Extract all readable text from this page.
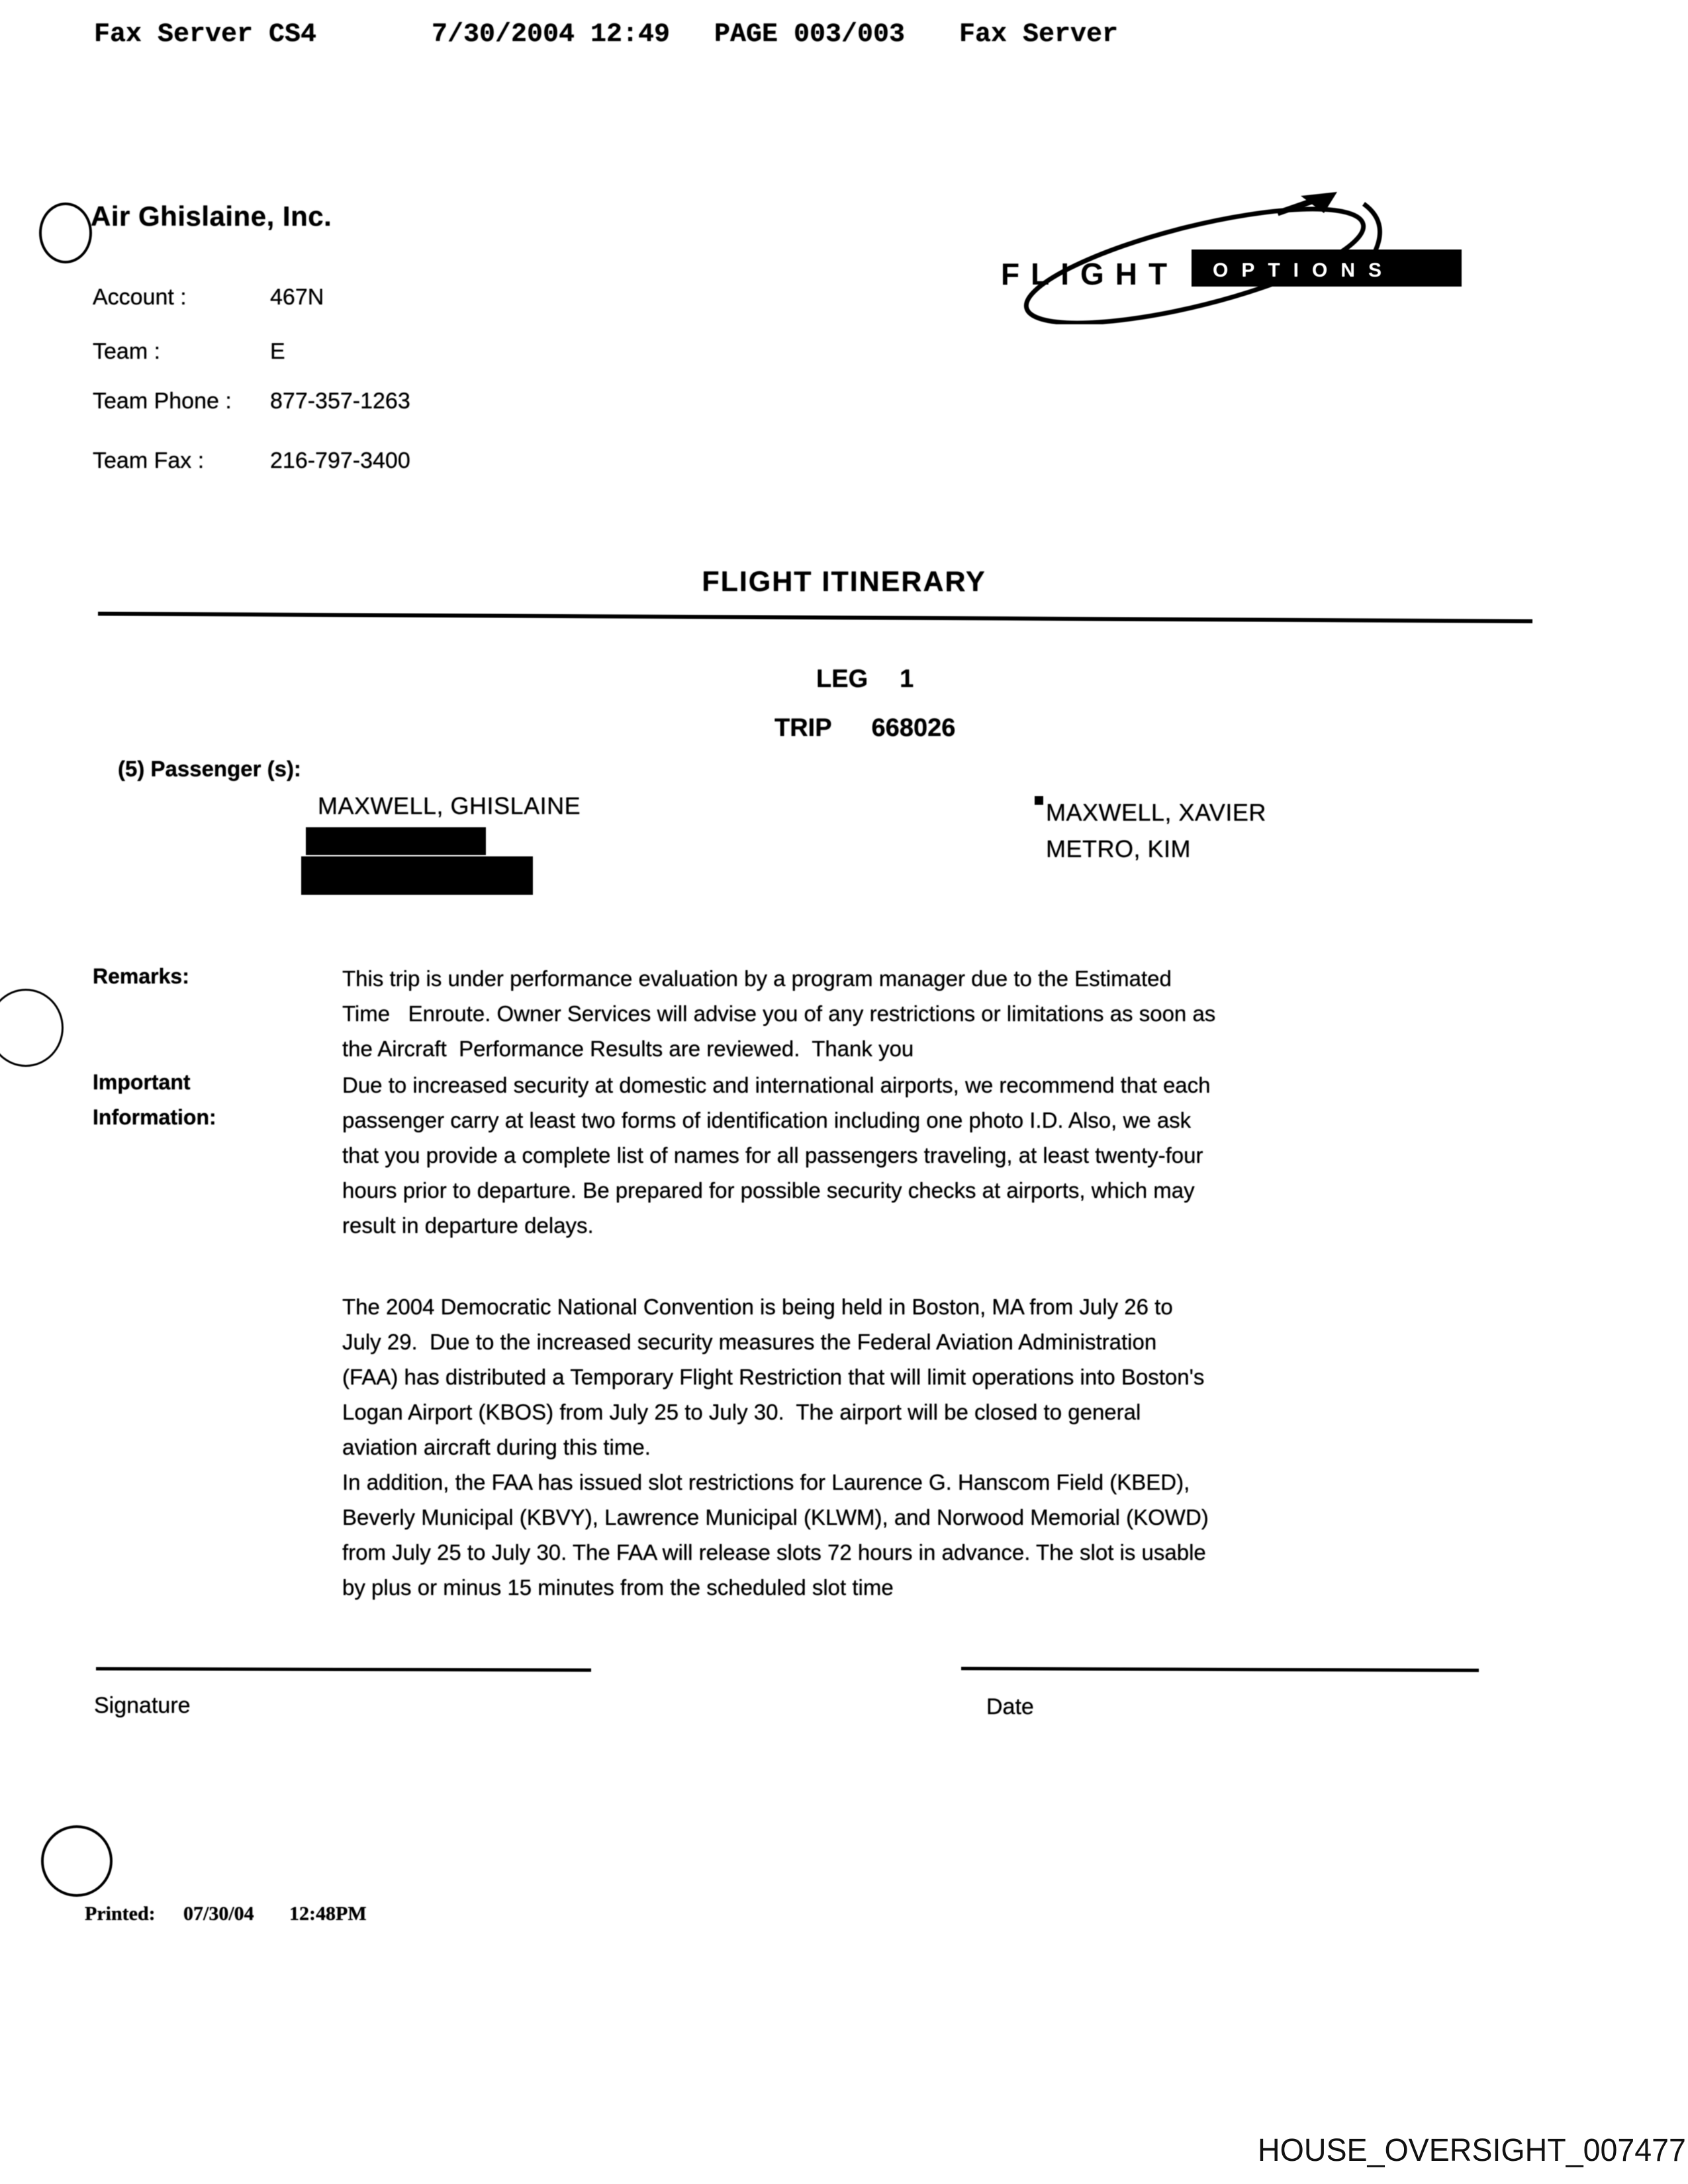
Fax Server CS4	7/30/2004 12:49 PAGE 003/003 Fax Server
Air Ghislaine, Inc.
FLIGHT OPTIONS
Account :	467N
Team :	E
Team Phone : 877-357-1263
Team Fax :	216-797-3400
FLIGHT ITINERARY

LEG 1

TRIP 668026

(5) Passenger (s):
MAXWELL, GHISLAINE	MAXWELL, XAVIER
METRO, KIM
Remarks:	This trip is under performance evaluation by a program manager due to the Estimated
Time   Enroute. Owner Services will advise you of any restrictions or limitations as soon as
the Aircraft  Performance Results are reviewed.  Thank you
Important
Information:
Due to increased security at domestic and international airports, we recommend that each
passenger carry at least two forms of identification including one photo I.D. Also, we ask
that you provide a complete list of names for all passengers traveling, at least twenty-four
hours prior to departure. Be prepared for possible security checks at airports, which may
result in departure delays.
The 2004 Democratic National Convention is being held in Boston, MA from July 26 to
July 29.  Due to the increased security measures the Federal Aviation Administration
(FAA) has distributed a Temporary Flight Restriction that will limit operations into Boston's
Logan Airport (KBOS) from July 25 to July 30.  The airport will be closed to general
aviation aircraft during this time.
In addition, the FAA has issued slot restrictions for Laurence G. Hanscom Field (KBED),
Beverly Municipal (KBVY), Lawrence Municipal (KLWM), and Norwood Memorial (KOWD)
from July 25 to July 30. The FAA will release slots 72 hours in advance. The slot is usable
by plus or minus 15 minutes from the scheduled slot time
Signature	Date
Printed: 07/30/04 12:48PM
HOUSE_OVERSIGHT_007477
